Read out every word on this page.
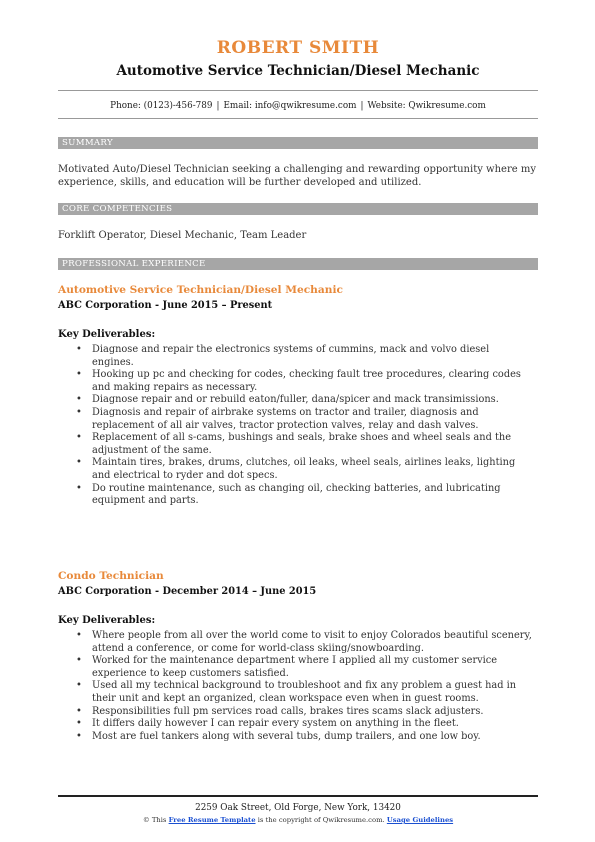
ROBERT SMITH
Automotive Service Technician/Diesel Mechanic
Phone: (0123)-456-789 | Email: info@qwikresume.com | Website: Qwikresume.com
SUMMARY
Motivated Auto/Diesel Technician seeking a challenging and rewarding opportunity where my experience, skills, and education will be further developed and utilized.
CORE COMPETENCIES
Forklift Operator, Diesel Mechanic, Team Leader
PROFESSIONAL EXPERIENCE
Automotive Service Technician/Diesel Mechanic
ABC Corporation - June 2015 – Present
Key Deliverables:
• Diagnose and repair the electronics systems of cummins, mack and volvo diesel engines.
• Hooking up pc and checking for codes, checking fault tree procedures, clearing codes and making repairs as necessary.
• Diagnose repair and or rebuild eaton/fuller, dana/spicer and mack transimissions.
• Diagnosis and repair of airbrake systems on tractor and trailer, diagnosis and replacement of all air valves, tractor protection valves, relay and dash valves.
• Replacement of all s-cams, bushings and seals, brake shoes and wheel seals and the adjustment of the same.
• Maintain tires, brakes, drums, clutches, oil leaks, wheel seals, airlines leaks, lighting and electrical to ryder and dot specs.
• Do routine maintenance, such as changing oil, checking batteries, and lubricating equipment and parts.
Condo Technician
ABC Corporation - December 2014 – June 2015
Key Deliverables:
• Where people from all over the world come to visit to enjoy Colorados beautiful scenery, attend a conference, or come for world-class skiing/snowboarding.
• Worked for the maintenance department where I applied all my customer service experience to keep customers satisfied.
• Used all my technical background to troubleshoot and fix any problem a guest had in their unit and kept an organized, clean workspace even when in guest rooms.
• Responsibilities full pm services road calls, brakes tires scams slack adjusters.
• It differs daily however I can repair every system on anything in the fleet.
• Most are fuel tankers along with several tubs, dump trailers, and one low boy.
2259 Oak Street, Old Forge, New York, 13420
© This Free Resume Template is the copyright of Qwikresume.com. Usage Guidelines
